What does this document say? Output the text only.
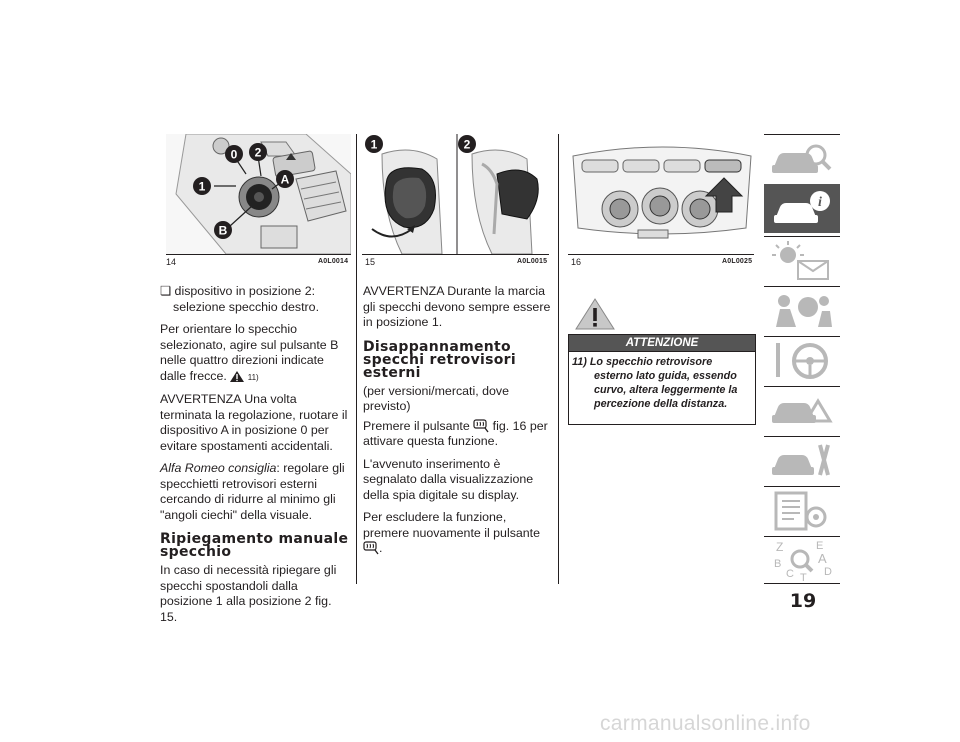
0 2
1	A
B
14	A0L0014
1	2
15	A0L0015	16	A0L0025

❏ dispositivo in posizione 2: selezione specchio destro.

Per orientare lo specchio selezionato, agire sul pulsante B nelle quattro direzioni indicate dalle frecce.	11)

AVVERTENZA Una volta terminata la regolazione, ruotare il dispositivo A in posizione 0 per evitare spostamenti accidentali.

Alfa Romeo consiglia: regolare gli specchietti retrovisori esterni cercando di ridurre al minimo gli "angoli ciechi" della visuale.

Ripiegamento manuale specchio

In caso di necessità ripiegare gli specchi spostandoli dalla posizione 1 alla posizione 2 fig. 15.

AVVERTENZA Durante la marcia gli specchi devono sempre essere in posizione 1.

Disappannamento specchi retrovisori esterni

(per versioni/mercati, dove previsto)

Premere il pulsante fig. 16 per attivare questa funzione.

L'avvenuto inserimento è segnalato dalla visualizzazione della spia digitale su display.

Per escludere la funzione, premere nuovamente il pulsante .

ATTENZIONE
11) Lo specchio retrovisore esterno lato guida, essendo curvo, altera leggermente la percezione della distanza.
i
Z	E
A
B
D
C T
19
carmanualsonline.info
